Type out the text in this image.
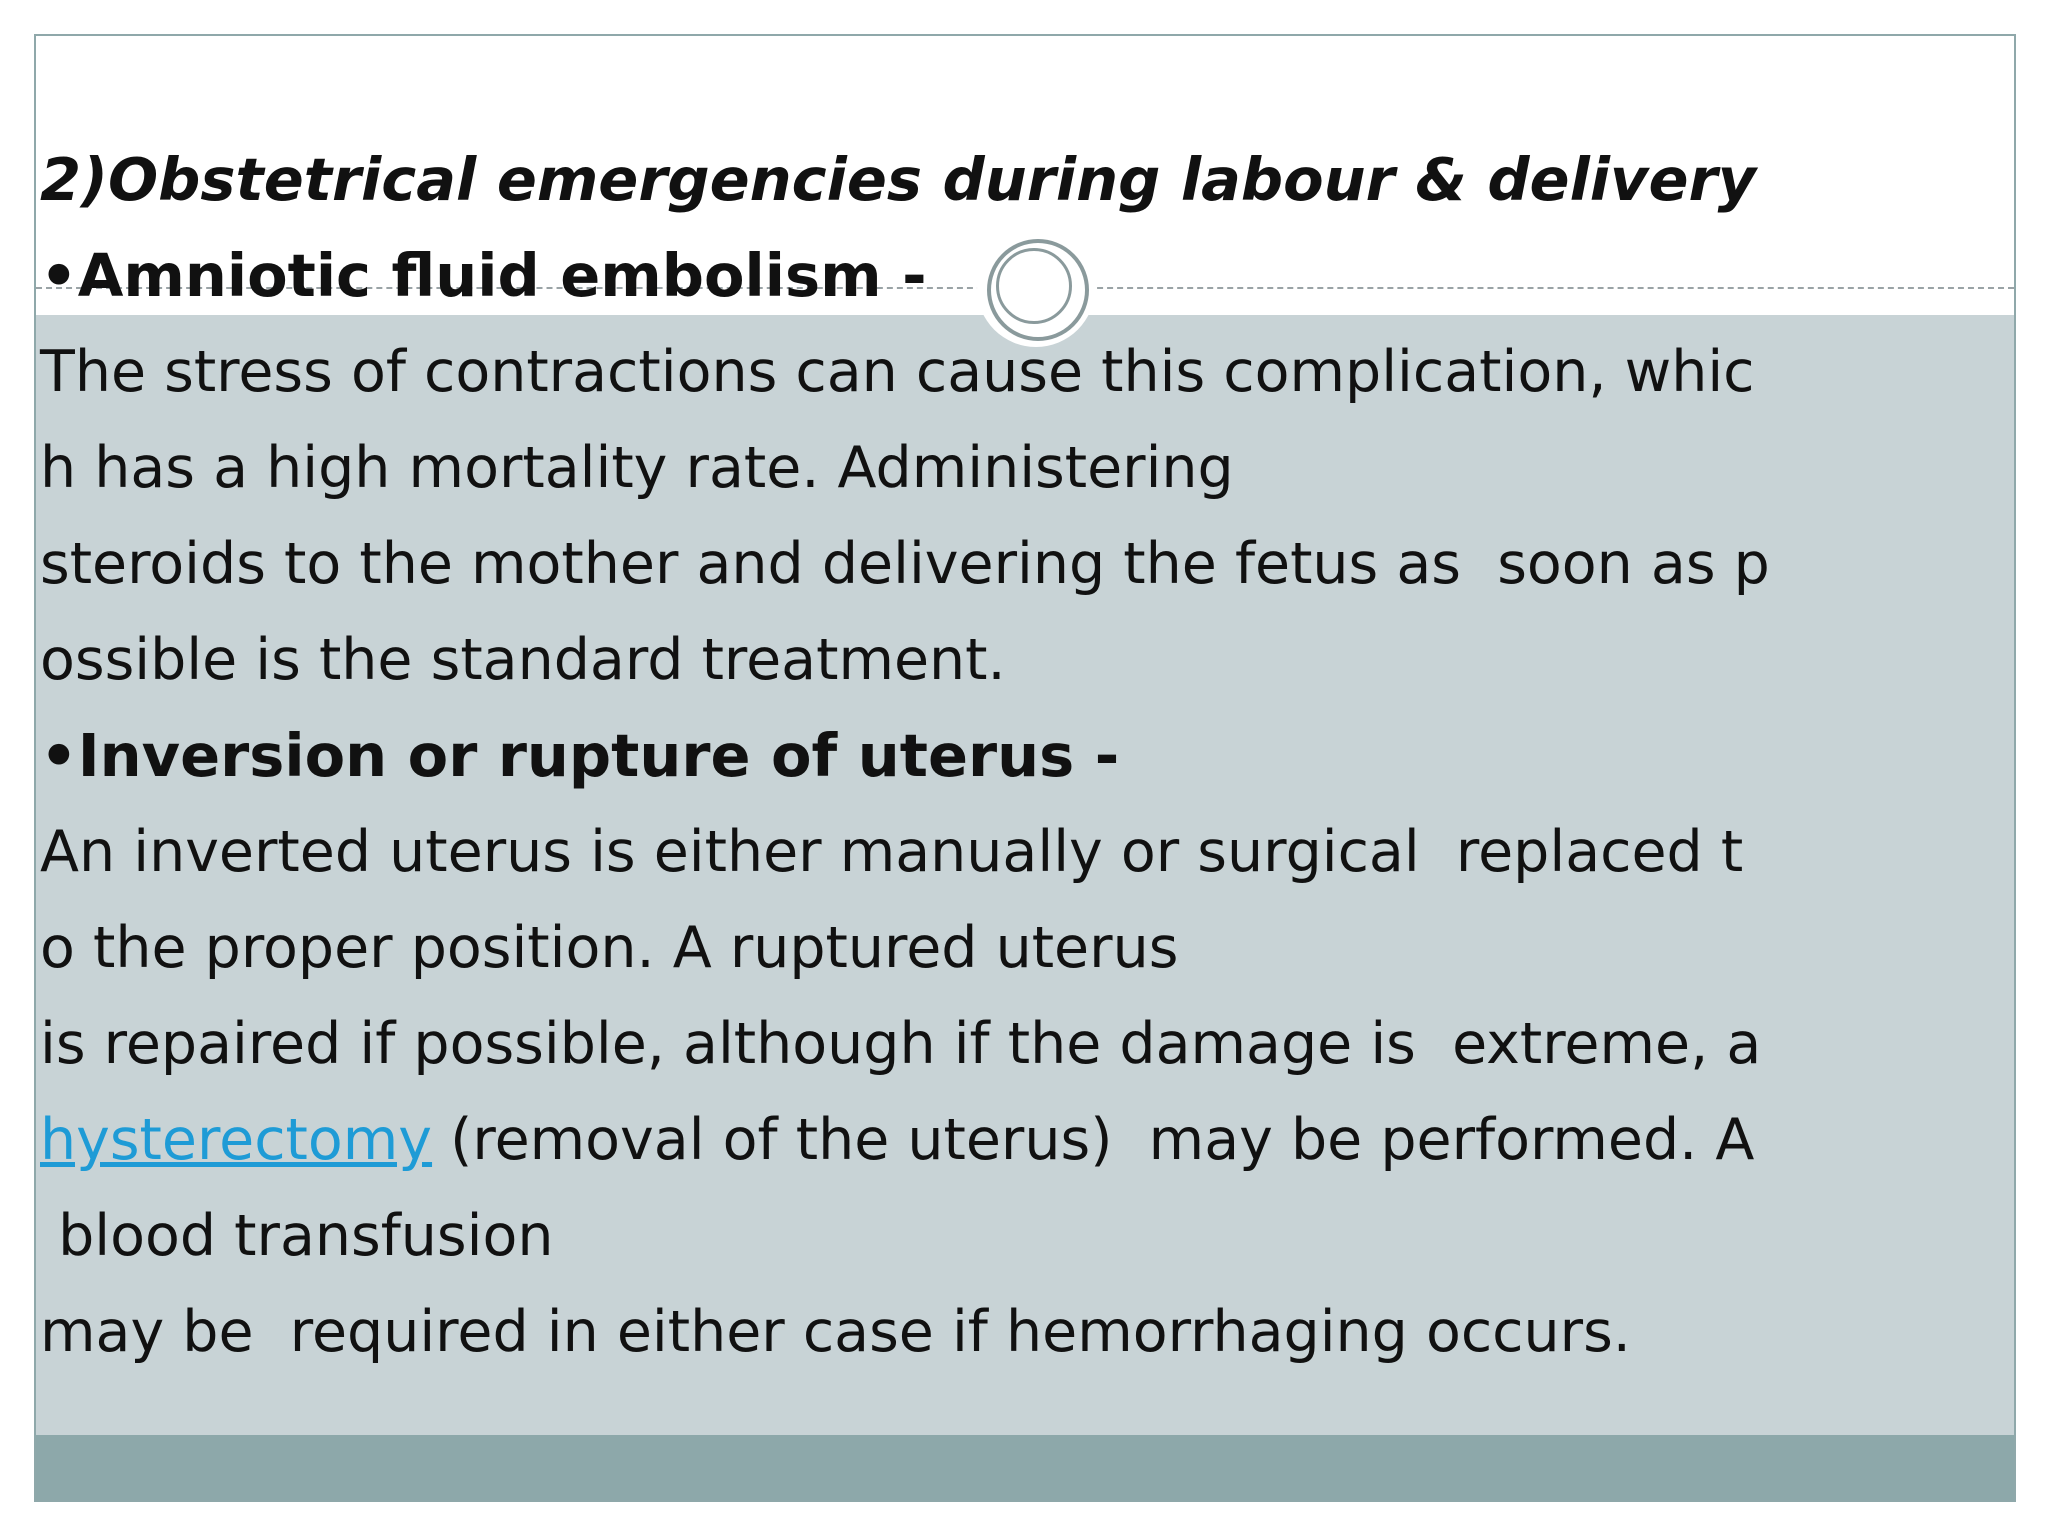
2)Obstetrical emergencies during labour & delivery
•Amniotic fluid embolism -
The stress of contractions can cause this complication, whic
h has a high mortality rate. Administering
steroids to the mother and delivering the fetus as  soon as p
ossible is the standard treatment.
•Inversion or rupture of uterus -
An inverted uterus is either manually or surgical  replaced t
o the proper position. A ruptured uterus
is repaired if possible, although if the damage is  extreme, a
hysterectomy (removal of the uterus)  may be performed. A
blood transfusion
may be  required in either case if hemorrhaging occurs.
